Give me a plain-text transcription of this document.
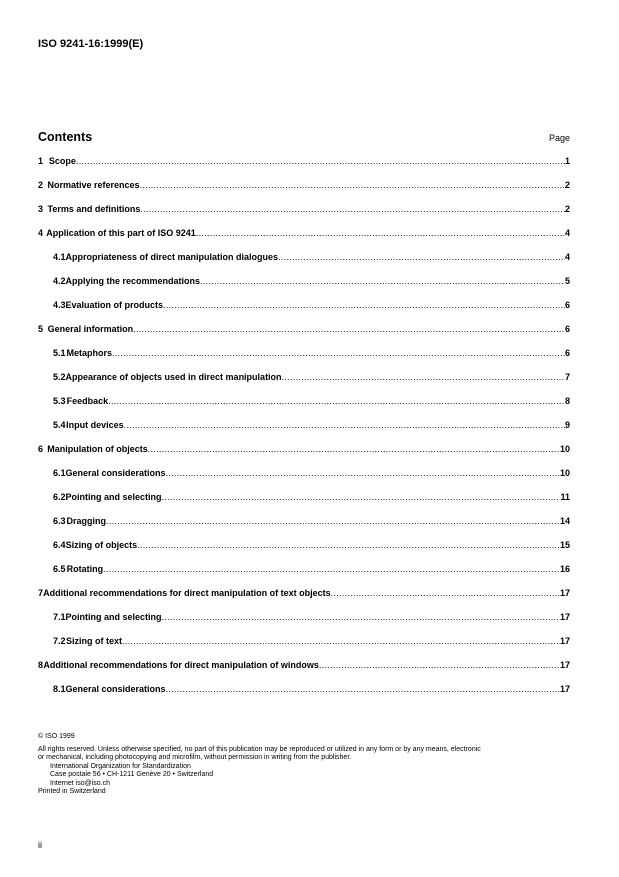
ISO 9241-16:1999(E)
Contents	Page
1 Scope .....	1
2 Normative references .....	2
3 Terms and definitions .....	2
4 Application of this part of ISO 9241 .....	4
4.1 Appropriateness of direct manipulation dialogues .....	4
4.2 Applying the recommendations .....	5
4.3 Evaluation of products .....	6
5 General information .....	6
5.1 Metaphors .....	6
5.2 Appearance of objects used in direct manipulation .....	7
5.3 Feedback .....	8
5.4 Input devices .....	9
6 Manipulation of objects .....	10
6.1 General considerations .....	10
6.2 Pointing and selecting .....	11
6.3 Dragging .....	14
6.4 Sizing of objects .....	15
6.5 Rotating .....	16
7 Additional recommendations for direct manipulation of text objects .....	17
7.1 Pointing and selecting .....	17
7.2 Sizing of text .....	17
8 Additional recommendations for direct manipulation of windows .....	17
8.1 General considerations .....	17
© ISO 1999
All rights reserved. Unless otherwise specified, no part of this publication may be reproduced or utilized in any form or by any means, electronic
or mechanical, including photocopying and microfilm, without permission in writing from the publisher.
International Organization for Standardization
Case postale 56 • CH-1211 Genève 20 • Switzerland
Internet iso@iso.ch
Printed in Switzerland
ii
